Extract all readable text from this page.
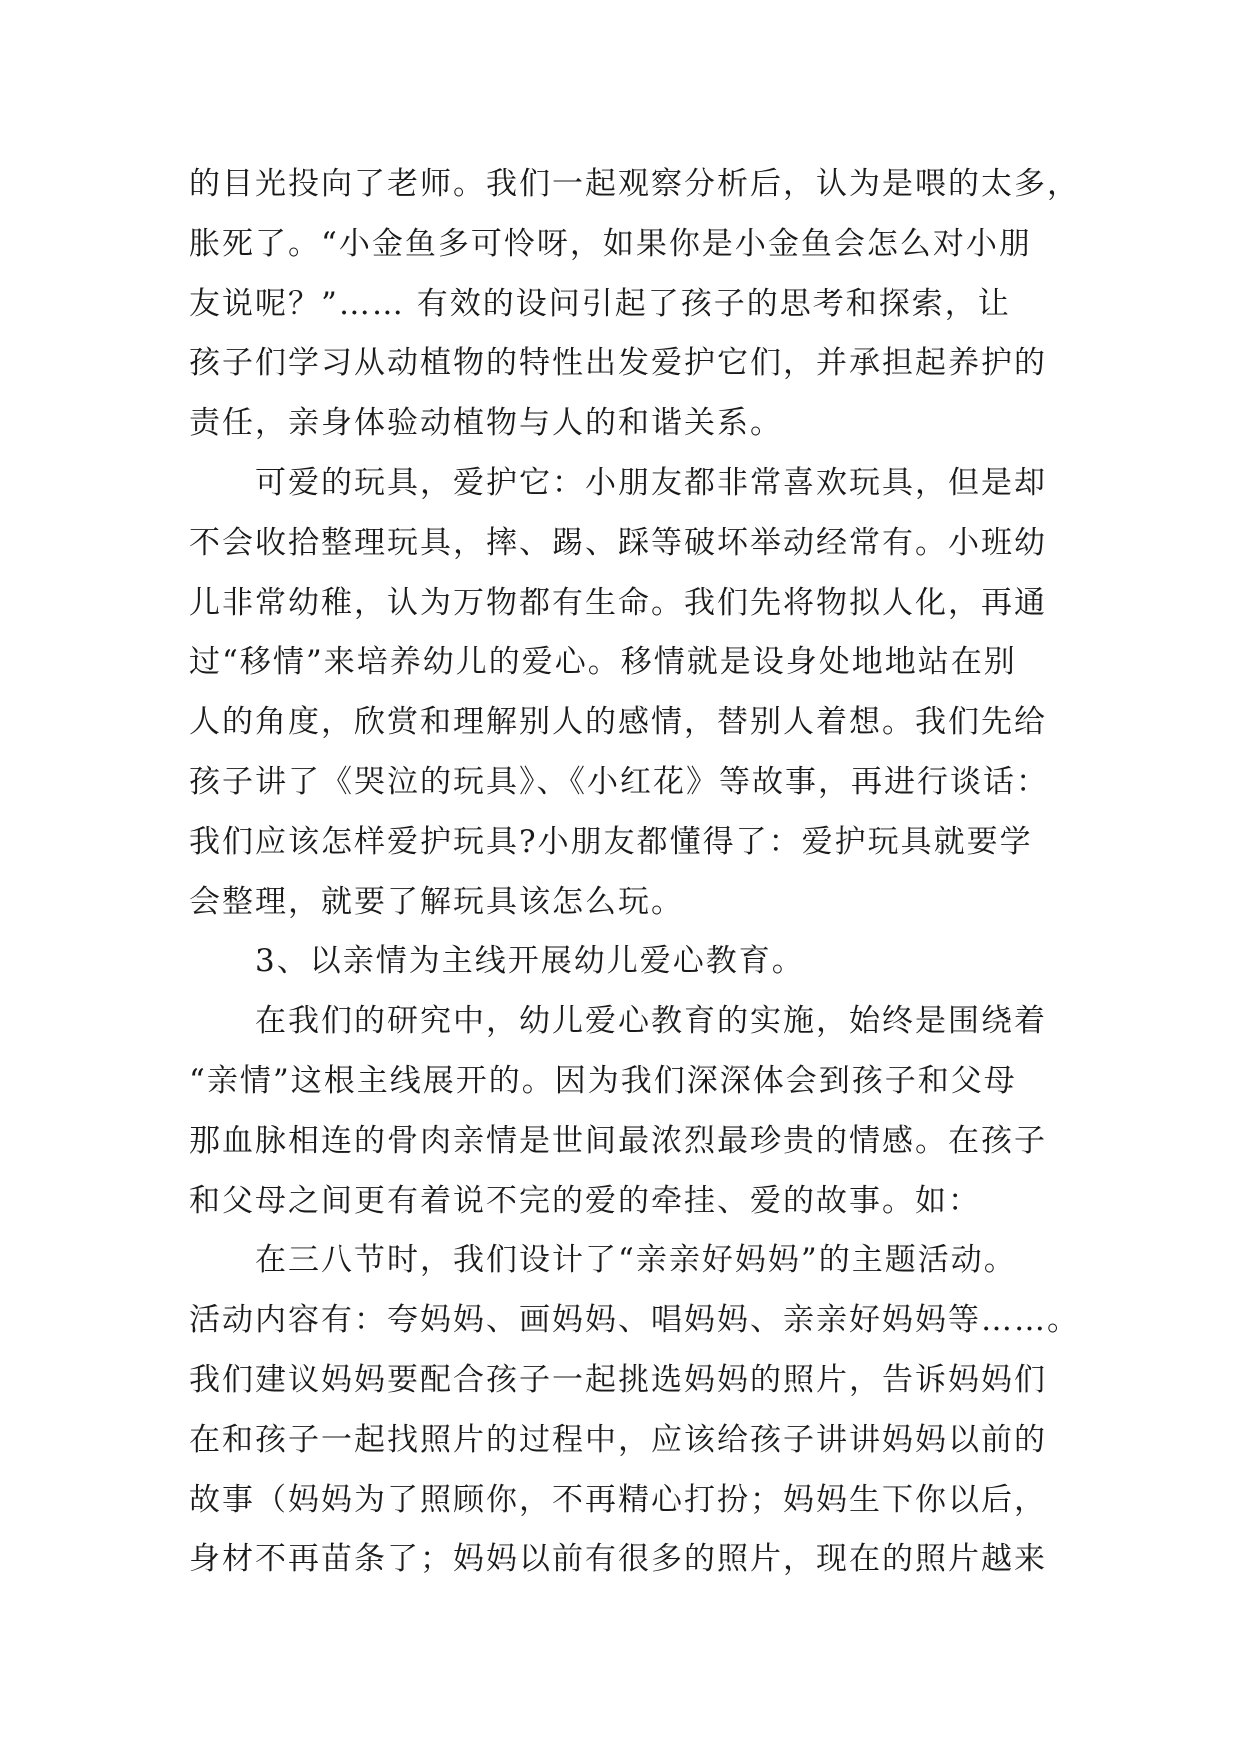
的目光投向了老师。我们一起观察分析后，认为是喂的太多，
胀死了。“小金鱼多可怜呀，如果你是小金鱼会怎么对小朋
友说呢？”…… 有效的设问引起了孩子的思考和探索，让
孩子们学习从动植物的特性出发爱护它们，并承担起养护的
责任，亲身体验动植物与人的和谐关系。
　　可爱的玩具，爱护它：小朋友都非常喜欢玩具，但是却
不会收拾整理玩具，摔、踢、踩等破坏举动经常有。小班幼
儿非常幼稚，认为万物都有生命。我们先将物拟人化，再通
过“移情”来培养幼儿的爱心。移情就是设身处地地站在别
人的角度，欣赏和理解别人的感情，替别人着想。我们先给
孩子讲了《哭泣的玩具》、《小红花》等故事，再进行谈话：
我们应该怎样爱护玩具?小朋友都懂得了：爱护玩具就要学
会整理，就要了解玩具该怎么玩。
　　3、以亲情为主线开展幼儿爱心教育。
　　在我们的研究中，幼儿爱心教育的实施，始终是围绕着
“亲情”这根主线展开的。因为我们深深体会到孩子和父母
那血脉相连的骨肉亲情是世间最浓烈最珍贵的情感。在孩子
和父母之间更有着说不完的爱的牵挂、爱的故事。如：
　　在三八节时，我们设计了“亲亲好妈妈”的主题活动。
活动内容有：夸妈妈、画妈妈、唱妈妈、亲亲好妈妈等……。
我们建议妈妈要配合孩子一起挑选妈妈的照片，告诉妈妈们
在和孩子一起找照片的过程中，应该给孩子讲讲妈妈以前的
故事（妈妈为了照顾你，不再精心打扮；妈妈生下你以后，
身材不再苗条了；妈妈以前有很多的照片，现在的照片越来
